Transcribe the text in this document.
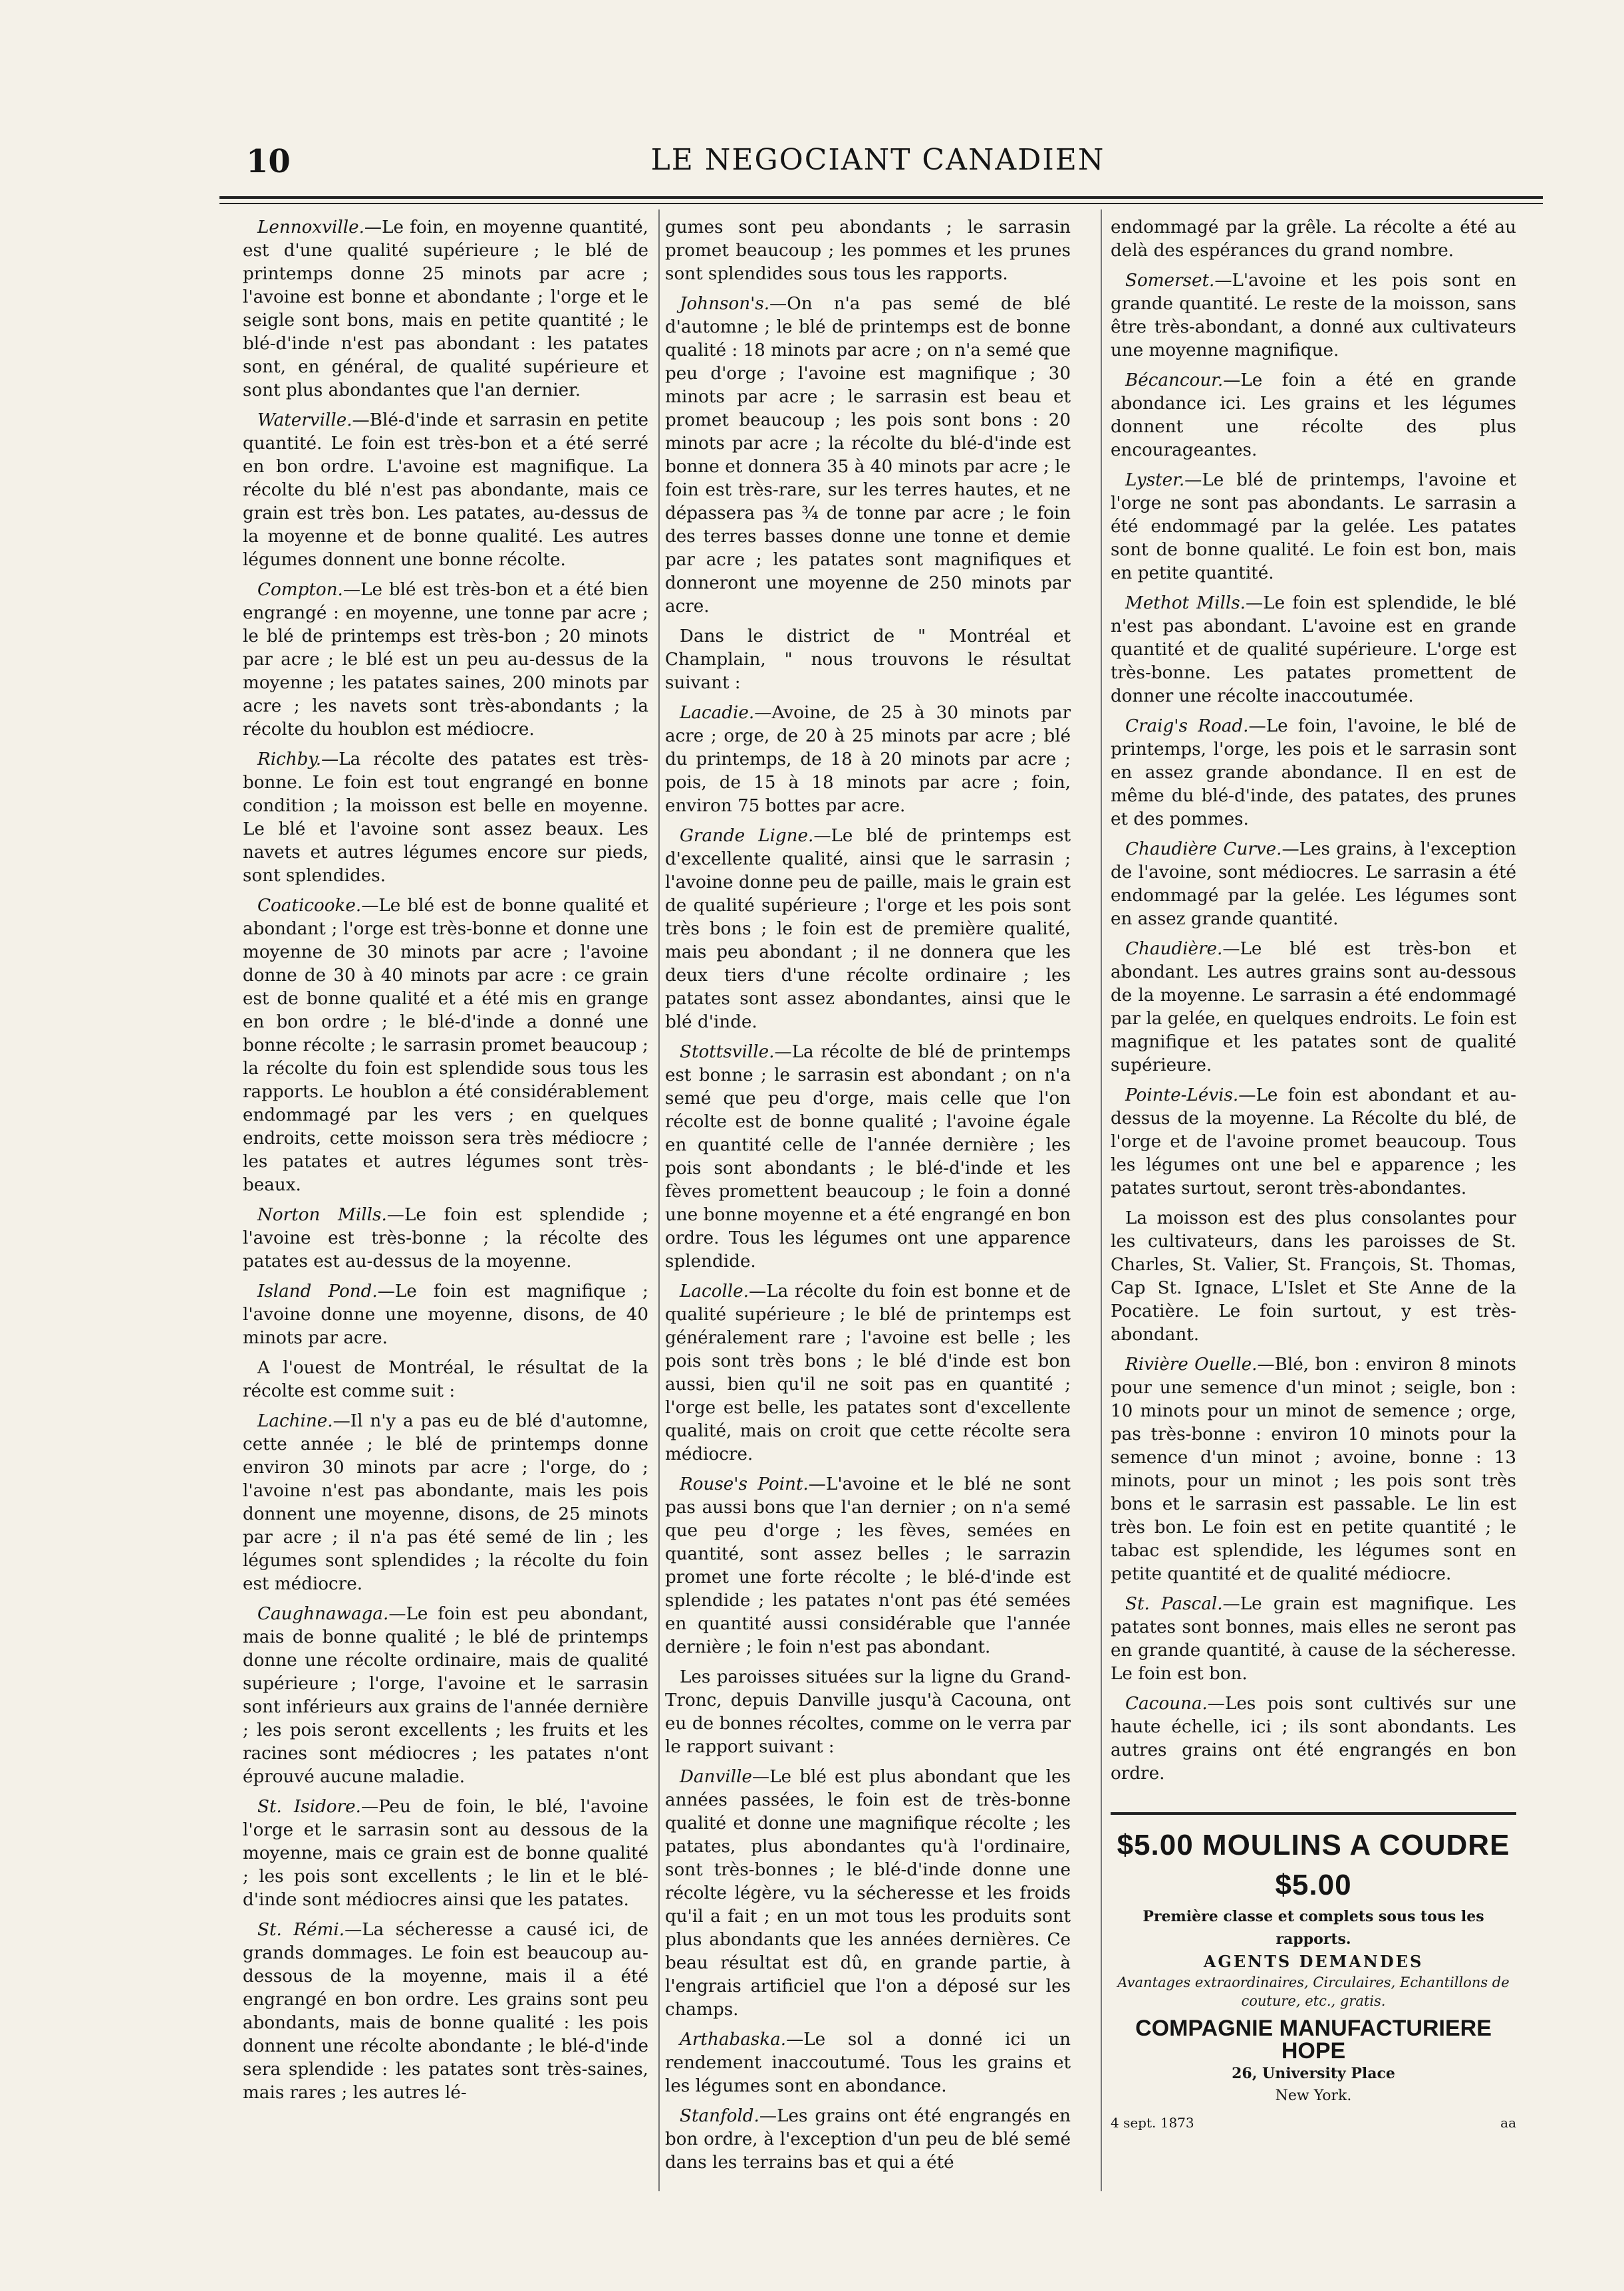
10	LE NEGOCIANT CANADIEN

Lennoxville.—Le foin, en moyenne quantité, est d'une qualité supérieure ; le blé de printemps donne 25 minots par acre ; l'avoine est bonne et abondante ; l'orge et le seigle sont bons, mais en petite quantité ; le blé-d'inde n'est pas abondant : les patates sont, en général, de qualité supérieure et sont plus abondantes que l'an dernier.

Waterville.—Blé-d'inde et sarrasin en petite quantité. Le foin est très-bon et a été serré en bon ordre. L'avoine est magnifique. La récolte du blé n'est pas abondante, mais ce grain est très bon. Les patates, au-dessus de la moyenne et de bonne qualité. Les autres légumes donnent une bonne récolte.

Compton.—Le blé est très-bon et a été bien engrangé : en moyenne, une tonne par acre ; le blé de printemps est très-bon ; 20 minots par acre ; le blé est un peu au-dessus de la moyenne ; les patates saines, 200 minots par acre ; les navets sont très-abondants ; la récolte du houblon est médiocre.

Richby.—La récolte des patates est très-bonne. Le foin est tout engrangé en bonne condition ; la moisson est belle en moyenne. Le blé et l'avoine sont assez beaux. Les navets et autres légumes encore sur pieds, sont splendides.

Coaticooke.—Le blé est de bonne qualité et abondant ; l'orge est très-bonne et donne une moyenne de 30 minots par acre ; l'avoine donne de 30 à 40 minots par acre : ce grain est de bonne qualité et a été mis en grange en bon ordre ; le blé-d'inde a donné une bonne récolte ; le sarrasin promet beaucoup ; la récolte du foin est splendide sous tous les rapports. Le houblon a été considérablement endommagé par les vers ; en quelques endroits, cette moisson sera très médiocre ; les patates et autres légumes sont très-beaux.

Norton Mills.—Le foin est splendide ; l'avoine est très-bonne ; la récolte des patates est au-dessus de la moyenne.

Island Pond.—Le foin est magnifique ; l'avoine donne une moyenne, disons, de 40 minots par acre.

A l'ouest de Montréal, le résultat de la récolte est comme suit :

Lachine.—Il n'y a pas eu de blé d'automne, cette année ; le blé de printemps donne environ 30 minots par acre ; l'orge, do ; l'avoine n'est pas abondante, mais les pois donnent une moyenne, disons, de 25 minots par acre ; il n'a pas été semé de lin ; les légumes sont splendides ; la récolte du foin est médiocre.

Caughnawaga.—Le foin est peu abondant, mais de bonne qualité ; le blé de printemps donne une récolte ordinaire, mais de qualité supérieure ; l'orge, l'avoine et le sarrasin sont inférieurs aux grains de l'année dernière ; les pois seront excellents ; les fruits et les racines sont médiocres ; les patates n'ont éprouvé aucune maladie.

St. Isidore.—Peu de foin, le blé, l'avoine l'orge et le sarrasin sont au dessous de la moyenne, mais ce grain est de bonne qualité ; les pois sont excellents ; le lin et le blé-d'inde sont médiocres ainsi que les patates.

St. Rémi.—La sécheresse a causé ici, de grands dommages. Le foin est beaucoup au-dessous de la moyenne, mais il a été engrangé en bon ordre. Les grains sont peu abondants, mais de bonne qualité : les pois donnent une récolte abondante ; le blé-d'inde sera splendide : les patates sont très-saines, mais rares ; les autres lé-

gumes sont peu abondants ; le sarrasin promet beaucoup ; les pommes et les prunes sont splendides sous tous les rapports.

Johnson's.—On n'a pas semé de blé d'automne ; le blé de printemps est de bonne qualité : 18 minots par acre ; on n'a semé que peu d'orge ; l'avoine est magnifique ; 30 minots par acre ; le sarrasin est beau et promet beaucoup ; les pois sont bons : 20 minots par acre ; la récolte du blé-d'inde est bonne et donnera 35 à 40 minots par acre ; le foin est très-rare, sur les terres hautes, et ne dépassera pas ¾ de tonne par acre ; le foin des terres basses donne une tonne et demie par acre ; les patates sont magnifiques et donneront une moyenne de 250 minots par acre.

Dans le district de " Montréal et Champlain, " nous trouvons le résultat suivant :

Lacadie.—Avoine, de 25 à 30 minots par acre ; orge, de 20 à 25 minots par acre ; blé du printemps, de 18 à 20 minots par acre ; pois, de 15 à 18 minots par acre ; foin, environ 75 bottes par acre.

Grande Ligne.—Le blé de printemps est d'excellente qualité, ainsi que le sarrasin ; l'avoine donne peu de paille, mais le grain est de qualité supérieure ; l'orge et les pois sont très bons ; le foin est de première qualité, mais peu abondant ; il ne donnera que les deux tiers d'une récolte ordinaire ; les patates sont assez abondantes, ainsi que le blé d'inde.

Stottsville.—La récolte de blé de printemps est bonne ; le sarrasin est abondant ; on n'a semé que peu d'orge, mais celle que l'on récolte est de bonne qualité ; l'avoine égale en quantité celle de l'année dernière ; les pois sont abondants ; le blé-d'inde et les fèves promettent beaucoup ; le foin a donné une bonne moyenne et a été engrangé en bon ordre. Tous les légumes ont une apparence splendide.

Lacolle.—La récolte du foin est bonne et de qualité supérieure ; le blé de printemps est généralement rare ; l'avoine est belle ; les pois sont très bons ; le blé d'inde est bon aussi, bien qu'il ne soit pas en quantité ; l'orge est belle, les patates sont d'excellente qualité, mais on croit que cette récolte sera médiocre.

Rouse's Point.—L'avoine et le blé ne sont pas aussi bons que l'an dernier ; on n'a semé que peu d'orge ; les fèves, semées en quantité, sont assez belles ; le sarrazin promet une forte récolte ; le blé-d'inde est splendide ; les patates n'ont pas été semées en quantité aussi considérable que l'année dernière ; le foin n'est pas abondant.

Les paroisses situées sur la ligne du Grand-Tronc, depuis Danville jusqu'à Cacouna, ont eu de bonnes récoltes, comme on le verra par le rapport suivant :

Danville—Le blé est plus abondant que les années passées, le foin est de très-bonne qualité et donne une magnifique récolte ; les patates, plus abondantes qu'à l'ordinaire, sont très-bonnes ; le blé-d'inde donne une récolte légère, vu la sécheresse et les froids qu'il a fait ; en un mot tous les produits sont plus abondants que les années dernières. Ce beau résultat est dû, en grande partie, à l'engrais artificiel que l'on a déposé sur les champs.

Arthabaska.—Le sol a donné ici un rendement inaccoutumé. Tous les grains et les légumes sont en abondance.

Stanfold.—Les grains ont été engrangés en bon ordre, à l'exception d'un peu de blé semé dans les terrains bas et qui a été

endommagé par la grêle. La récolte a été au delà des espérances du grand nombre.

Somerset.—L'avoine et les pois sont en grande quantité. Le reste de la moisson, sans être très-abondant, a donné aux cultivateurs une moyenne magnifique.

Bécancour.—Le foin a été en grande abondance ici. Les grains et les légumes donnent une récolte des plus encourageantes.

Lyster.—Le blé de printemps, l'avoine et l'orge ne sont pas abondants. Le sarrasin a été endommagé par la gelée. Les patates sont de bonne qualité. Le foin est bon, mais en petite quantité.

Methot Mills.—Le foin est splendide, le blé n'est pas abondant. L'avoine est en grande quantité et de qualité supérieure. L'orge est très-bonne. Les patates promettent de donner une récolte inaccoutumée.

Craig's Road.—Le foin, l'avoine, le blé de printemps, l'orge, les pois et le sarrasin sont en assez grande abondance. Il en est de même du blé-d'inde, des patates, des prunes et des pommes.

Chaudière Curve.—Les grains, à l'exception de l'avoine, sont médiocres. Le sarrasin a été endommagé par la gelée. Les légumes sont en assez grande quantité.

Chaudière.—Le blé est très-bon et abondant. Les autres grains sont au-dessous de la moyenne. Le sarrasin a été endommagé par la gelée, en quelques endroits. Le foin est magnifique et les patates sont de qualité supérieure.

Pointe-Lévis.—Le foin est abondant et au-dessus de la moyenne. La Récolte du blé, de l'orge et de l'avoine promet beaucoup. Tous les légumes ont une bel e apparence ; les patates surtout, seront très-abondantes.

La moisson est des plus consolantes pour les cultivateurs, dans les paroisses de St. Charles, St. Valier, St. François, St. Thomas, Cap St. Ignace, L'Islet et Ste Anne de la Pocatière. Le foin surtout, y est très-abondant.

Rivière Ouelle.—Blé, bon : environ 8 minots pour une semence d'un minot ; seigle, bon : 10 minots pour un minot de semence ; orge, pas très-bonne : environ 10 minots pour la semence d'un minot ; avoine, bonne : 13 minots, pour un minot ; les pois sont très bons et le sarrasin est passable. Le lin est très bon. Le foin est en petite quantité ; le tabac est splendide, les légumes sont en petite quantité et de qualité médiocre.

St. Pascal.—Le grain est magnifique. Les patates sont bonnes, mais elles ne seront pas en grande quantité, à cause de la sécheresse. Le foin est bon.

Cacouna.—Les pois sont cultivés sur une haute échelle, ici ; ils sont abondants. Les autres grains ont été engrangés en bon ordre.

$5.00 MOULINS A COUDRE $5.00
Première classe et complets sous tous les rapports.
AGENTS DEMANDES
Avantages extraordinaires, Circulaires, Echantillons de couture, etc., gratis.
COMPAGNIE MANUFACTURIERE HOPE
26, University Place
New York.
4 sept. 1873	aa
